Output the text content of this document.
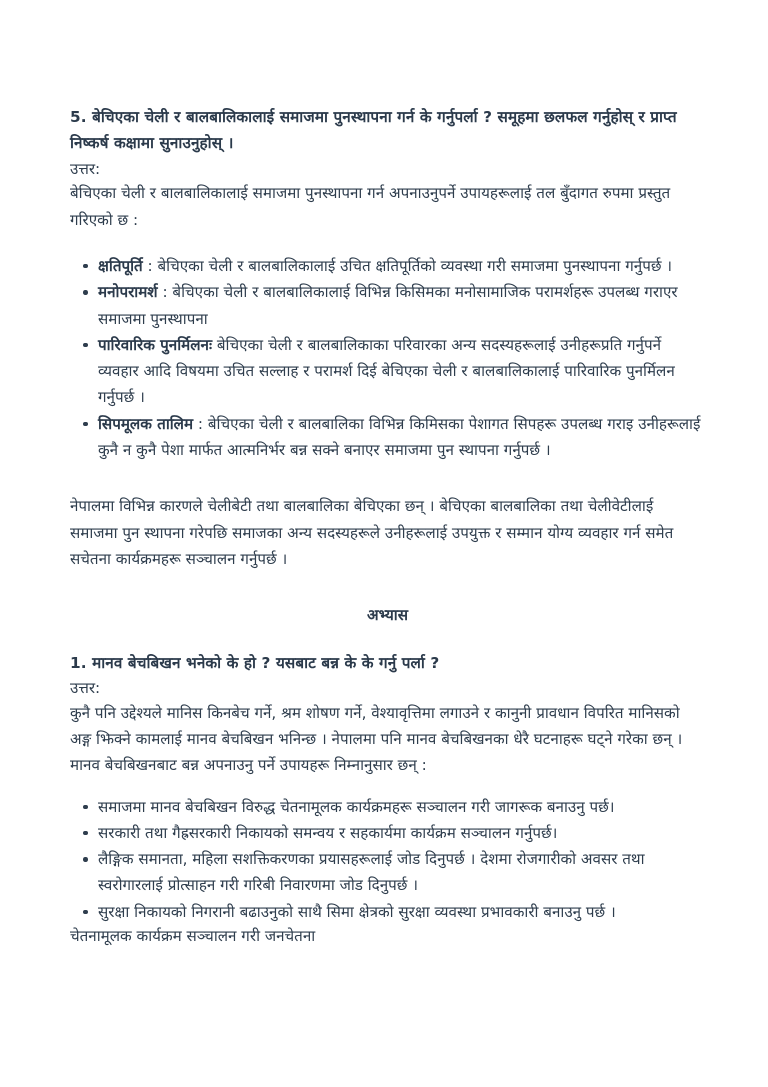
5. बेचिएका चेली र बालबालिकालाई समाजमा पुनस्थापना गर्न के गर्नुपर्ला ? समूहमा छलफल गर्नुहोस् र प्राप्त निष्कर्ष कक्षामा सुनाउनुहोस् ।

उत्तर:

बेचिएका चेली र बालबालिकालाई समाजमा पुनस्थापना गर्न अपनाउनुपर्ने उपायहरूलाई तल बुँदागत रुपमा प्रस्तुत गरिएको छ :

क्षतिपूर्ति : बेचिएका चेली र बालबालिकालाई उचित क्षतिपूर्तिको व्यवस्था गरी समाजमा पुनस्थापना गर्नुपर्छ ।
मनोपरामर्श : बेचिएका चेली र बालबालिकालाई विभिन्न किसिमका मनोसामाजिक परामर्शहरू उपलब्ध गराएर समाजमा पुनस्थापना
पारिवारिक पुनर्मिलनः बेचिएका चेली र बालबालिकाका परिवारका अन्य सदस्यहरूलाई उनीहरूप्रति गर्नुपर्ने व्यवहार आदि विषयमा उचित सल्लाह र परामर्श दिई बेचिएका चेली र बालबालिकालाई पारिवारिक पुनर्मिलन गर्नुपर्छ ।
सिपमूलक तालिम : बेचिएका चेली र बालबालिका विभिन्न किमिसका पेशागत सिपहरू उपलब्ध गराइ उनीहरूलाई कुनै न कुनै पेशा मार्फत आत्मनिर्भर बन्न सक्ने बनाएर समाजमा पुन स्थापना गर्नुपर्छ ।

नेपालमा विभिन्न कारणले चेलीबेटी तथा बालबालिका बेचिएका छन् । बेचिएका बालबालिका तथा चेलीवेटीलाई समाजमा पुन स्थापना गरेपछि समाजका अन्य सदस्यहरूले उनीहरूलाई उपयुक्त र सम्मान योग्य व्यवहार गर्न समेत सचेतना कार्यक्रमहरू सञ्चालन गर्नुपर्छ ।

अभ्यास

1. मानव बेचबिखन भनेको के हो ? यसबाट बन्न के के गर्नु पर्ला ?

उत्तर:

कुनै पनि उद्देश्यले मानिस किनबेच गर्ने, श्रम शोषण गर्ने, वेश्यावृत्तिमा लगाउने र कानुनी प्रावधान विपरित मानिसको अङ्ग झिक्ने कामलाई मानव बेचबिखन भनिन्छ । नेपालमा पनि मानव बेचबिखनका धेरै घटनाहरू घट्ने गरेका छन् । मानव बेचबिखनबाट बन्न अपनाउनु पर्ने उपायहरू निम्नानुसार छन् :

समाजमा मानव बेचबिखन विरुद्ध चेतनामूलक कार्यक्रमहरू सञ्चालन गरी जागरूक बनाउनु पर्छ।
सरकारी तथा गैह्रसरकारी निकायको समन्वय र सहकार्यमा कार्यक्रम सञ्चालन गर्नुपर्छ।
लैङ्गिक समानता, महिला सशक्तिकरणका प्रयासहरूलाई जोड दिनुपर्छ । देशमा रोजगारीको अवसर तथा स्वरोगारलाई प्रोत्साहन गरी गरिबी निवारणमा जोड दिनुपर्छ ।
सुरक्षा निकायको निगरानी बढाउनुको साथै सिमा क्षेत्रको सुरक्षा व्यवस्था प्रभावकारी बनाउनु पर्छ ।
चेतनामूलक कार्यक्रम सञ्चालन गरी जनचेतना
